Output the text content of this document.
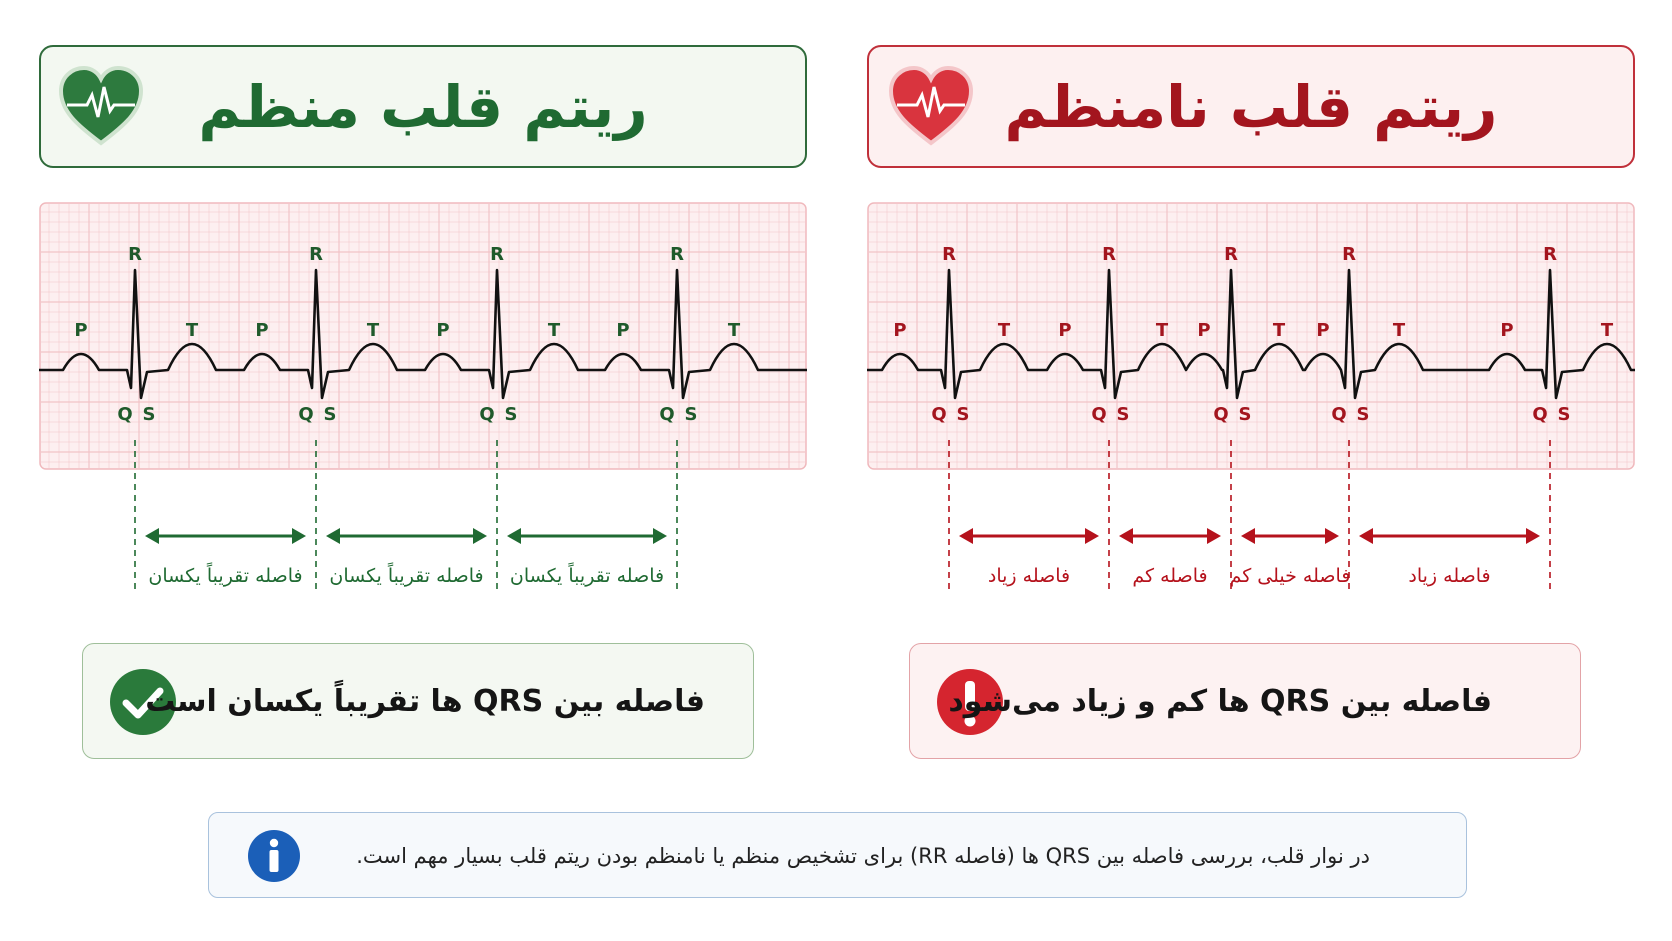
ریتم قلب منظم	ریتم قلب نامنظم
R
P	T
Q S
R
P	T
Q S
R
P	T
Q S
R
P	T
Q S
R
P	T
Q S
R
P	T
Q S
R
P	T
Q S
R
P	T
Q S
R
P	T
Q S
فاصله تقریباً یکسان فاصله تقریباً یکسان فاصله تقریباً یکسان	فاصله زیاد	فاصله کم فاصله خیلی کم	فاصله زیاد
فاصله بین QRS ها تقریباً یکسان است	فاصله بین QRS ها کم و زیاد می‌شود
در نوار قلب، بررسی فاصله بین QRS ها (فاصله RR) برای تشخیص منظم یا نامنظم بودن ریتم قلب بسیار مهم است.
